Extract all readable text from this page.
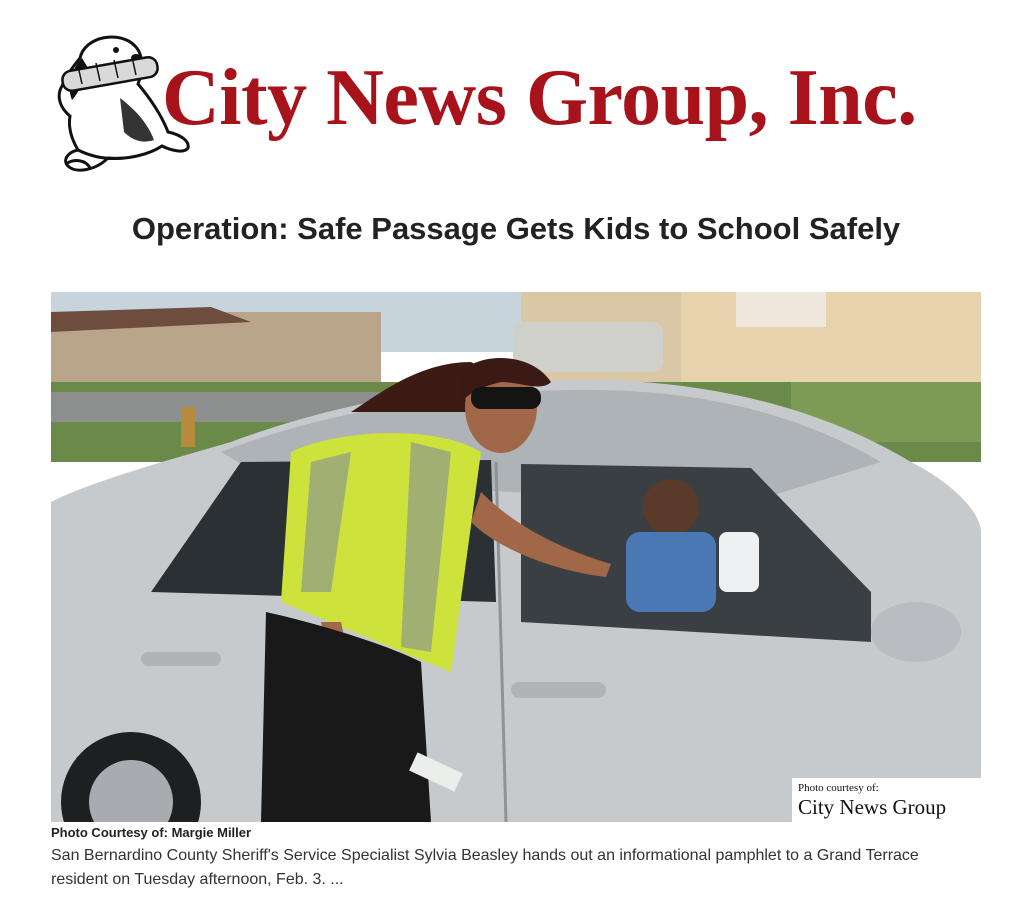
City News Group, Inc.
Operation: Safe Passage Gets Kids to School Safely
Photo courtesy of:
City News Group
Photo Courtesy of: Margie Miller
San Bernardino County Sheriff's Service Specialist Sylvia Beasley hands out an informational pamphlet to a Grand Terrace resident on Tuesday afternoon, Feb. 3. ...
